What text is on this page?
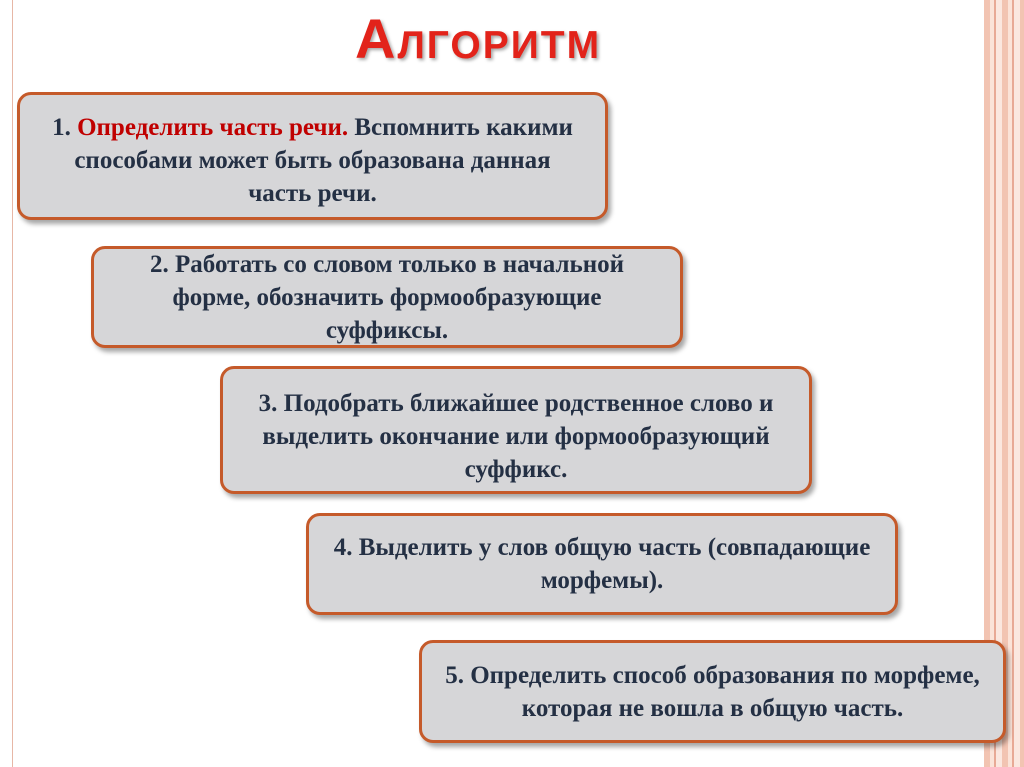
Алгоритм
1. Определить часть речи. Вспомнить какими способами может быть образована данная часть речи.
2. Работать со словом только в начальной форме, обозначить формообразующие суффиксы.
3. Подобрать ближайшее родственное слово и выделить окончание или формообразующий суффикс.
4. Выделить у слов общую часть (совпадающие морфемы).
5. Определить способ образования по морфеме, которая не вошла в общую часть.
